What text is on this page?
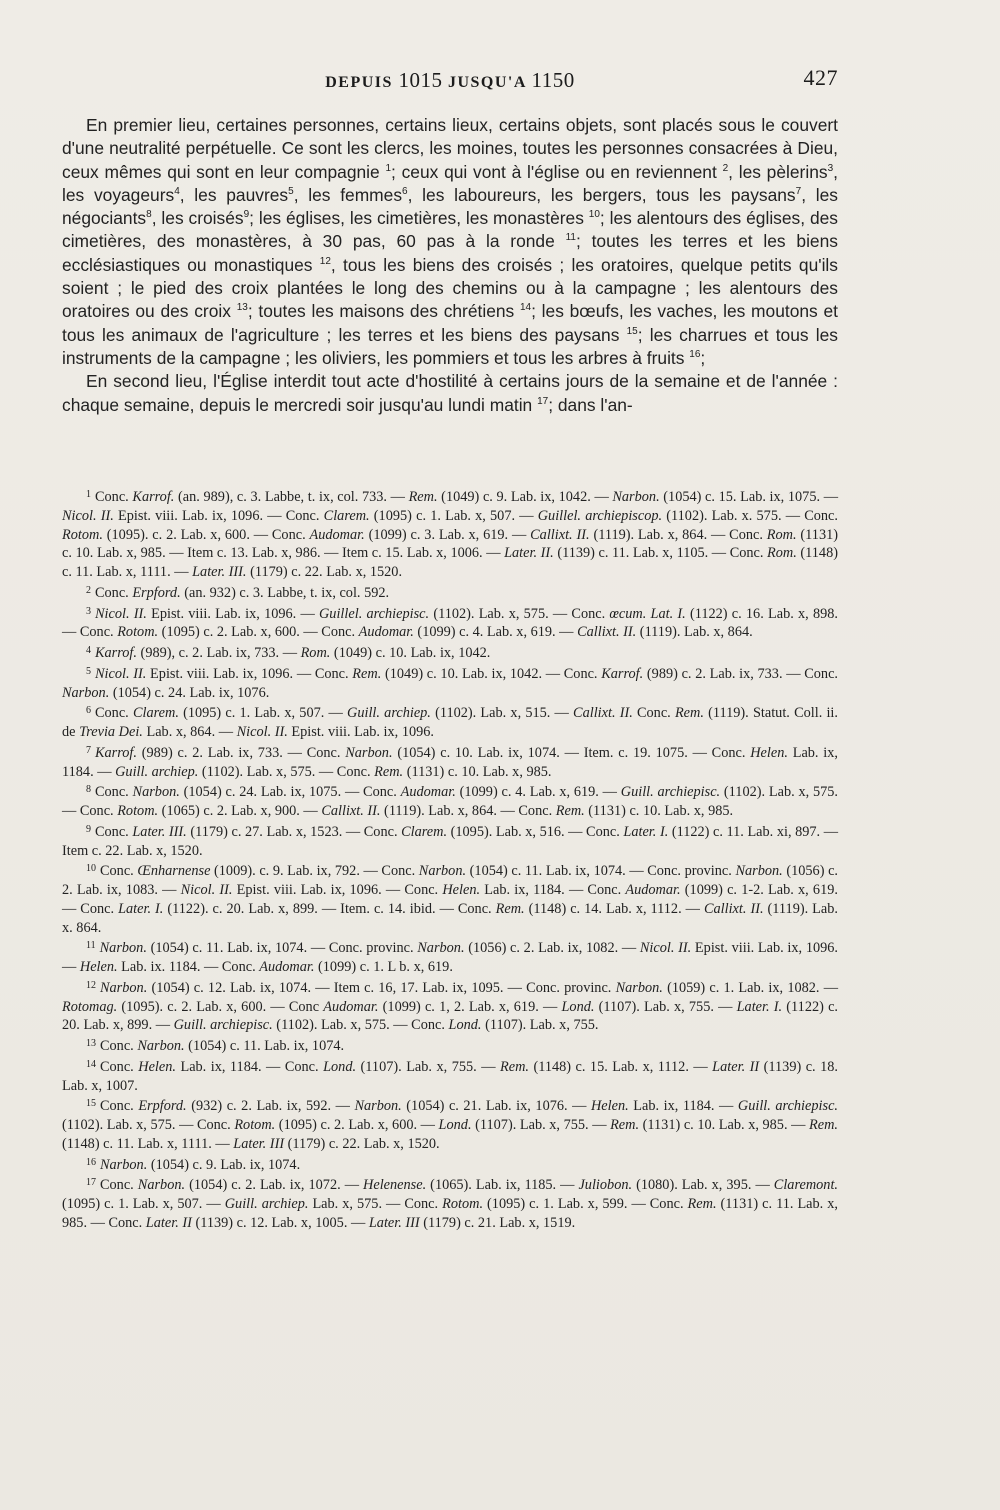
DEPUIS 1015 JUSQU'A 1150	427

En premier lieu, certaines personnes, certains lieux, certains objets, sont placés sous le couvert d'une neutralité perpétuelle. Ce sont les clercs, les moines, toutes les personnes consacrées à Dieu, ceux mêmes qui sont en leur compagnie $^1$; ceux qui vont à l'église ou en reviennent $^2$, les pèlerins$^3$, les voyageurs$^4$, les pauvres$^5$, les femmes$^6$, les laboureurs, les bergers, tous les paysans$^7$, les négociants$^8$, les croisés$^9$; les églises, les cimetières, les monastères $^{10}$; les alentours des églises, des cimetières, des monastères, à 30 pas, 60 pas à la ronde $^{11}$; toutes les terres et les biens ecclésiastiques ou monastiques $^{12}$, tous les biens des croisés ; les oratoires, quelque petits qu'ils soient ; le pied des croix plantées le long des chemins ou à la campagne ; les alentours des oratoires ou des croix $^{13}$; toutes les maisons des chrétiens $^{14}$; les bœufs, les vaches, les moutons et tous les animaux de l'agriculture ; les terres et les biens des paysans $^{15}$; les charrues et tous les instruments de la campagne ; les oliviers, les pommiers et tous les arbres à fruits $^{16}$;

En second lieu, l'Église interdit tout acte d'hostilité à certains jours de la semaine et de l'année : chaque semaine, depuis le mercredi soir jusqu'au lundi matin $^{17}$; dans l'an-

$^1$ Conc. Karrof. (an. 989), c. 3. Labbe, t. ix, col. 733. — Rem. (1049) c. 9. Lab. ix, 1042. — Narbon. (1054) c. 15. Lab. ix, 1075. — Nicol. II. Epist. viii. Lab. ix, 1096. — Conc. Clarem. (1095) c. 1. Lab. x, 507. — Guillel. archiepiscop. (1102). Lab. x. 575. — Conc. Rotom. (1095). c. 2. Lab. x, 600. — Conc. Audomar. (1099) c. 3. Lab. x, 619. — Callixt. II. (1119). Lab. x, 864. — Conc. Rom. (1131) c. 10. Lab. x, 985. — Item c. 13. Lab. x, 986. — Item c. 15. Lab. x, 1006. — Later. II. (1139) c. 11. Lab. x, 1105. — Conc. Rom. (1148) c. 11. Lab. x, 1111. — Later. III. (1179) c. 22. Lab. x, 1520.
$^2$ Conc. Erpford. (an. 932) c. 3. Labbe, t. ix, col. 592.
$^3$ Nicol. II. Epist. viii. Lab. ix, 1096. — Guillel. archiepisc. (1102). Lab. x, 575. — Conc. œcum. Lat. I. (1122) c. 16. Lab. x, 898. — Conc. Rotom. (1095) c. 2. Lab. x, 600. — Conc. Audomar. (1099) c. 4. Lab. x, 619. — Callixt. II. (1119). Lab. x, 864.
$^4$ Karrof. (989), c. 2. Lab. ix, 733. — Rom. (1049) c. 10. Lab. ix, 1042.
$^5$ Nicol. II. Epist. viii. Lab. ix, 1096. — Conc. Rem. (1049) c. 10. Lab. ix, 1042. — Conc. Karrof. (989) c. 2. Lab. ix, 733. — Conc. Narbon. (1054) c. 24. Lab. ix, 1076.
$^6$ Conc. Clarem. (1095) c. 1. Lab. x, 507. — Guill. archiep. (1102). Lab. x, 515. — Callixt. II. Conc. Rem. (1119). Statut. Coll. ii. de Trevia Dei. Lab. x, 864. — Nicol. II. Epist. viii. Lab. ix, 1096.
$^7$ Karrof. (989) c. 2. Lab. ix, 733. — Conc. Narbon. (1054) c. 10. Lab. ix, 1074. — Item. c. 19. 1075. — Conc. Helen. Lab. ix, 1184. — Guill. archiep. (1102). Lab. x, 575. — Conc. Rem. (1131) c. 10. Lab. x, 985.
$^8$ Conc. Narbon. (1054) c. 24. Lab. ix, 1075. — Conc. Audomar. (1099) c. 4. Lab. x, 619. — Guill. archiepisc. (1102). Lab. x, 575. — Conc. Rotom. (1065) c. 2. Lab. x, 900. — Callixt. II. (1119). Lab. x, 864. — Conc. Rem. (1131) c. 10. Lab. x, 985.
$^9$ Conc. Later. III. (1179) c. 27. Lab. x, 1523. — Conc. Clarem. (1095). Lab. x, 516. — Conc. Later. I. (1122) c. 11. Lab. xi, 897. — Item c. 22. Lab. x, 1520.
$^{10}$ Conc. Œnharnense (1009). c. 9. Lab. ix, 792. — Conc. Narbon. (1054) c. 11. Lab. ix, 1074. — Conc. provinc. Narbon. (1056) c. 2. Lab. ix, 1083. — Nicol. II. Epist. viii. Lab. ix, 1096. — Conc. Helen. Lab. ix, 1184. — Conc. Audomar. (1099) c. 1-2. Lab. x, 619. — Conc. Later. I. (1122). c. 20. Lab. x, 899. — Item. c. 14. ibid. — Conc. Rem. (1148) c. 14. Lab. x, 1112. — Callixt. II. (1119). Lab. x. 864.
$^{11}$ Narbon. (1054) c. 11. Lab. ix, 1074. — Conc. provinc. Narbon. (1056) c. 2. Lab. ix, 1082. — Nicol. II. Epist. viii. Lab. ix, 1096. — Helen. Lab. ix. 1184. — Conc. Audomar. (1099) c. 1. L b. x, 619.
$^{12}$ Narbon. (1054) c. 12. Lab. ix, 1074. — Item c. 16, 17. Lab. ix, 1095. — Conc. provinc. Narbon. (1059) c. 1. Lab. ix, 1082. — Rotomag. (1095). c. 2. Lab. x, 600. — Conc Audomar. (1099) c. 1, 2. Lab. x, 619. — Lond. (1107). Lab. x, 755. — Later. I. (1122) c. 20. Lab. x, 899. — Guill. archiepisc. (1102). Lab. x, 575. — Conc. Lond. (1107). Lab. x, 755.
$^{13}$ Conc. Narbon. (1054) c. 11. Lab. ix, 1074.
$^{14}$ Conc. Helen. Lab. ix, 1184. — Conc. Lond. (1107). Lab. x, 755. — Rem. (1148) c. 15. Lab. x, 1112. — Later. II (1139) c. 18. Lab. x, 1007.
$^{15}$ Conc. Erpford. (932) c. 2. Lab. ix, 592. — Narbon. (1054) c. 21. Lab. ix, 1076. — Helen. Lab. ix, 1184. — Guill. archiepisc. (1102). Lab. x, 575. — Conc. Rotom. (1095) c. 2. Lab. x, 600. — Lond. (1107). Lab. x, 755. — Rem. (1131) c. 10. Lab. x, 985. — Rem. (1148) c. 11. Lab. x, 1111. — Later. III (1179) c. 22. Lab. x, 1520.
$^{16}$ Narbon. (1054) c. 9. Lab. ix, 1074.
$^{17}$ Conc. Narbon. (1054) c. 2. Lab. ix, 1072. — Helenense. (1065). Lab. ix, 1185. — Juliobon. (1080). Lab. x, 395. — Claremont. (1095) c. 1. Lab. x, 507. — Guill. archiep. Lab. x, 575. — Conc. Rotom. (1095) c. 1. Lab. x, 599. — Conc. Rem. (1131) c. 11. Lab. x, 985. — Conc. Later. II (1139) c. 12. Lab. x, 1005. — Later. III (1179) c. 21. Lab. x, 1519.
